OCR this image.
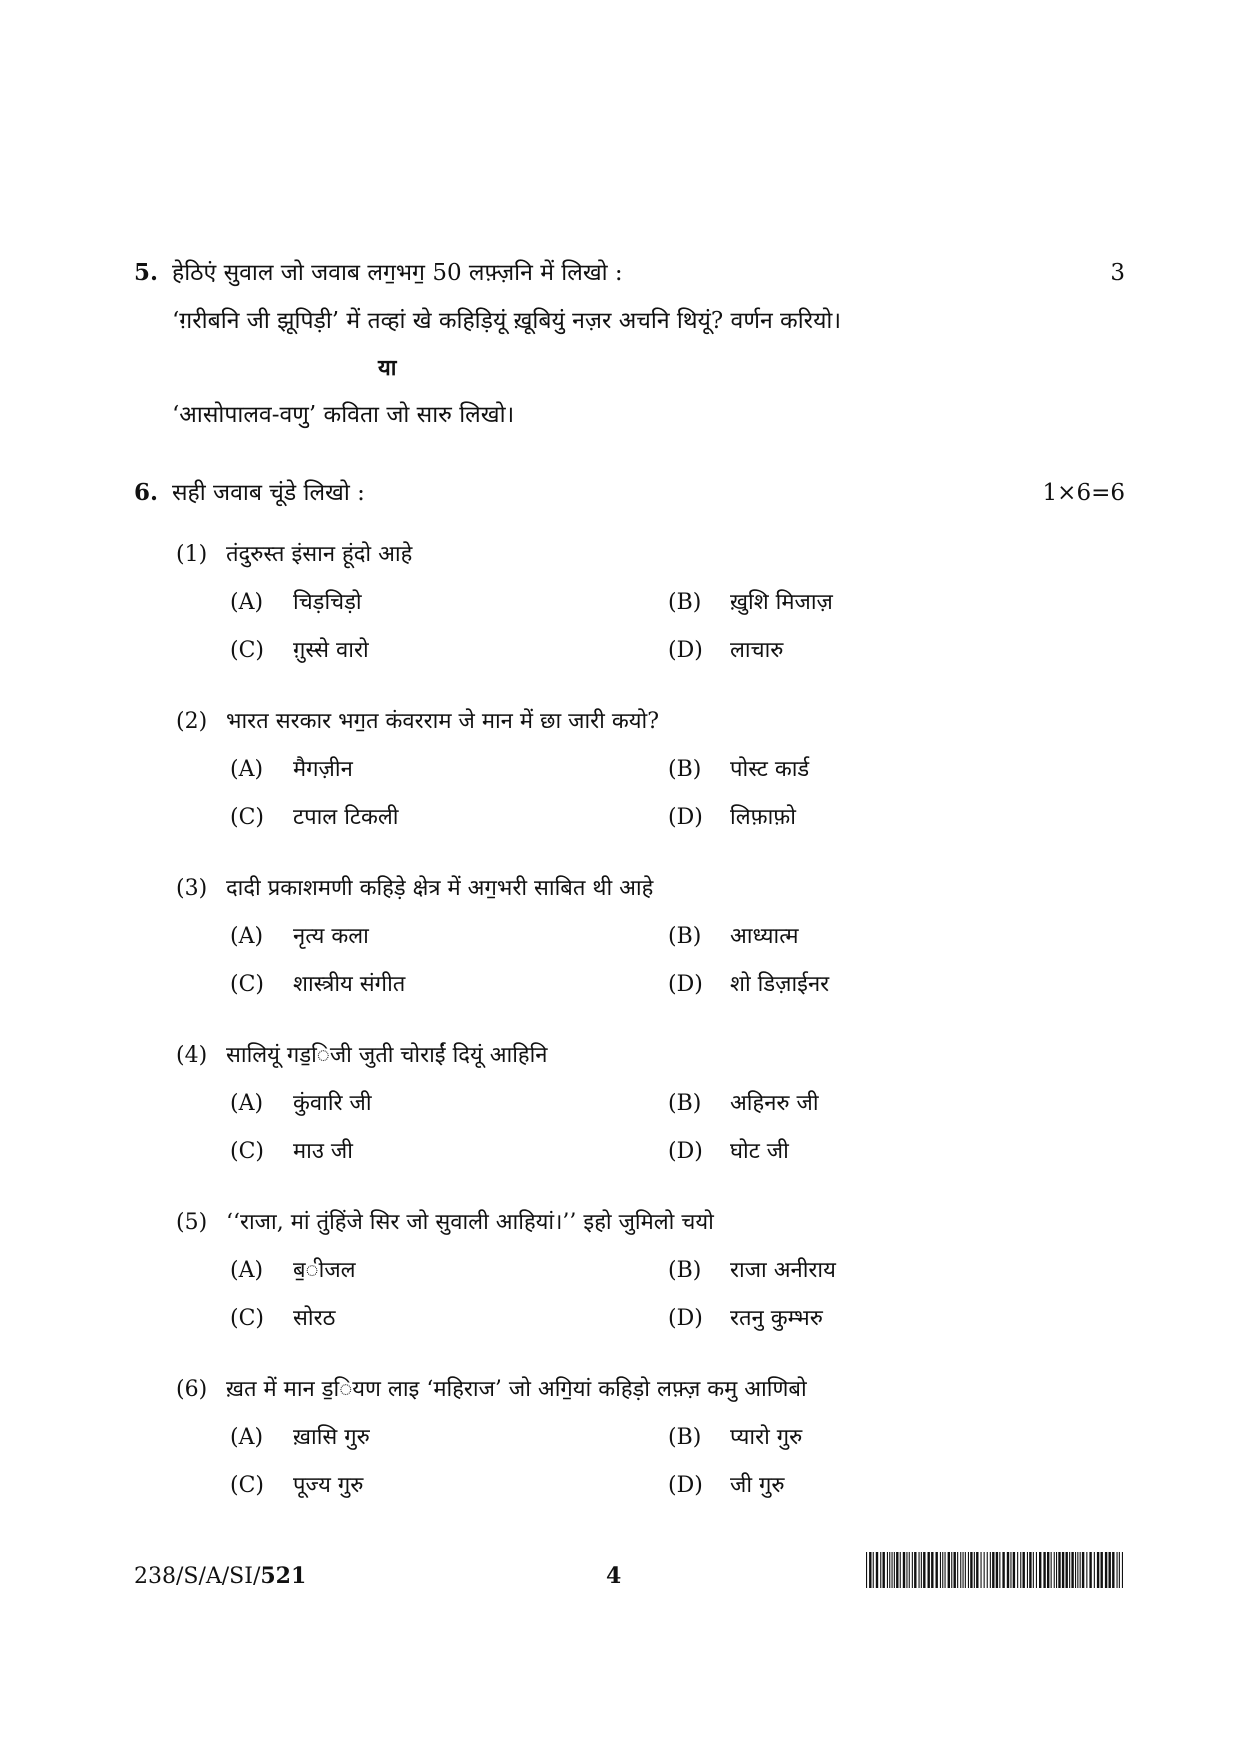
5. हेठिएं सुवाल जो जवाब लग॒भग॒ 50 लफ़्ज़नि में लिखो :	3
‘ग़रीबनि जी झूपिड़ी’ में तव्हां खे कहिड़ियूं ख़ूबियुं नज़र अचनि थियूं? वर्णन करियो।
या
‘आसोपालव-वणु’ कविता जो सारु लिखो।
6. सही जवाब चूंडे लिखो :	1×6=6
(1) तंदुरुस्त इंसान हूंदो आहे
(A) चिड़चिड़ो	(B) ख़ुशि मिजाज़
(C) ग़ुस्से वारो	(D) लाचारु
(2) भारत सरकार भग॒त कंवरराम जे मान में छा जारी कयो?
(A) मैगज़ीन	(B) पोस्ट कार्ड
(C) टपाल टिकली	(D) लिफ़ाफ़ो
(3) दादी प्रकाशमणी कहिड़े क्षेत्र में अग॒भरी साबित थी आहे
(A) नृत्य कला	(B) आध्यात्म
(C) शास्त्रीय संगीत	(D) शो डिज़ाईनर
(4) सालियूं गड॒िजी जुती चोराईं दियूं आहिनि
(A) कुंवारि जी	(B) अहिनरु जी
(C) माउ जी	(D) घोट जी
(5) ‘‘राजा, मां तुंहिंजे सिर जो सुवाली आहियां।’’ इहो जुमिलो चयो
(A) ब॒ीजल	(B) राजा अनीराय
(C) सोरठ	(D) रतनु कुम्भरु
(6) ख़त में मान ड॒ियण लाइ ‘महिराज’ जो अगि॒यां कहिड़ो लफ़्ज़ कमु आणिबो
(A) ख़ासि गुरु	(B) प्यारो गुरु
(C) पूज्य गुरु	(D) जी गुरु
238/S/A/SI/521	4
